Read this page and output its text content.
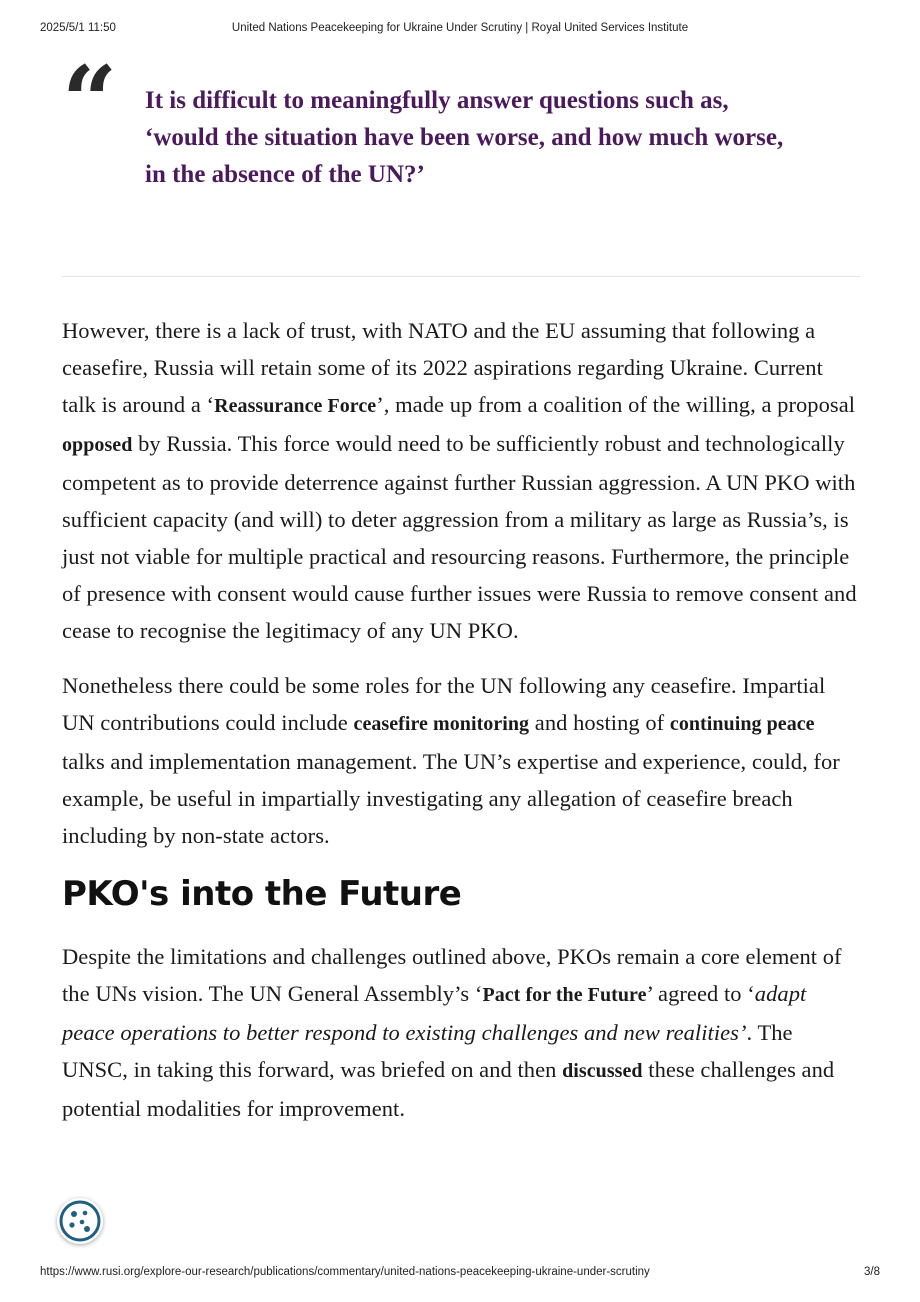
2025/5/1 11:50	United Nations Peacekeeping for Ukraine Under Scrutiny | Royal United Services Institute
“ It is difficult to meaningfully answer questions such as, ‘would the situation have been worse, and how much worse, in the absence of the UN?’

However, there is a lack of trust, with NATO and the EU assuming that following a ceasefire, Russia will retain some of its 2022 aspirations regarding Ukraine. Current talk is around a ‘Reassurance Force’, made up from a coalition of the willing, a proposal opposed by Russia. This force would need to be sufficiently robust and technologically competent as to provide deterrence against further Russian aggression. A UN PKO with sufficient capacity (and will) to deter aggression from a military as large as Russia’s, is just not viable for multiple practical and resourcing reasons. Furthermore, the principle of presence with consent would cause further issues were Russia to remove consent and cease to recognise the legitimacy of any UN PKO.

Nonetheless there could be some roles for the UN following any ceasefire. Impartial UN contributions could include ceasefire monitoring and hosting of continuing peace talks and implementation management. The UN’s expertise and experience, could, for example, be useful in impartially investigating any allegation of ceasefire breach including by non-state actors.

PKO's into the Future

Despite the limitations and challenges outlined above, PKOs remain a core element of the UNs vision. The UN General Assembly’s ‘Pact for the Future’ agreed to ‘adapt peace operations to better respond to existing challenges and new realities’. The UNSC, in taking this forward, was briefed on and then discussed these challenges and potential modalities for improvement.

https://www.rusi.org/explore-our-research/publications/commentary/united-nations-peacekeeping-ukraine-under-scrutiny	3/8
